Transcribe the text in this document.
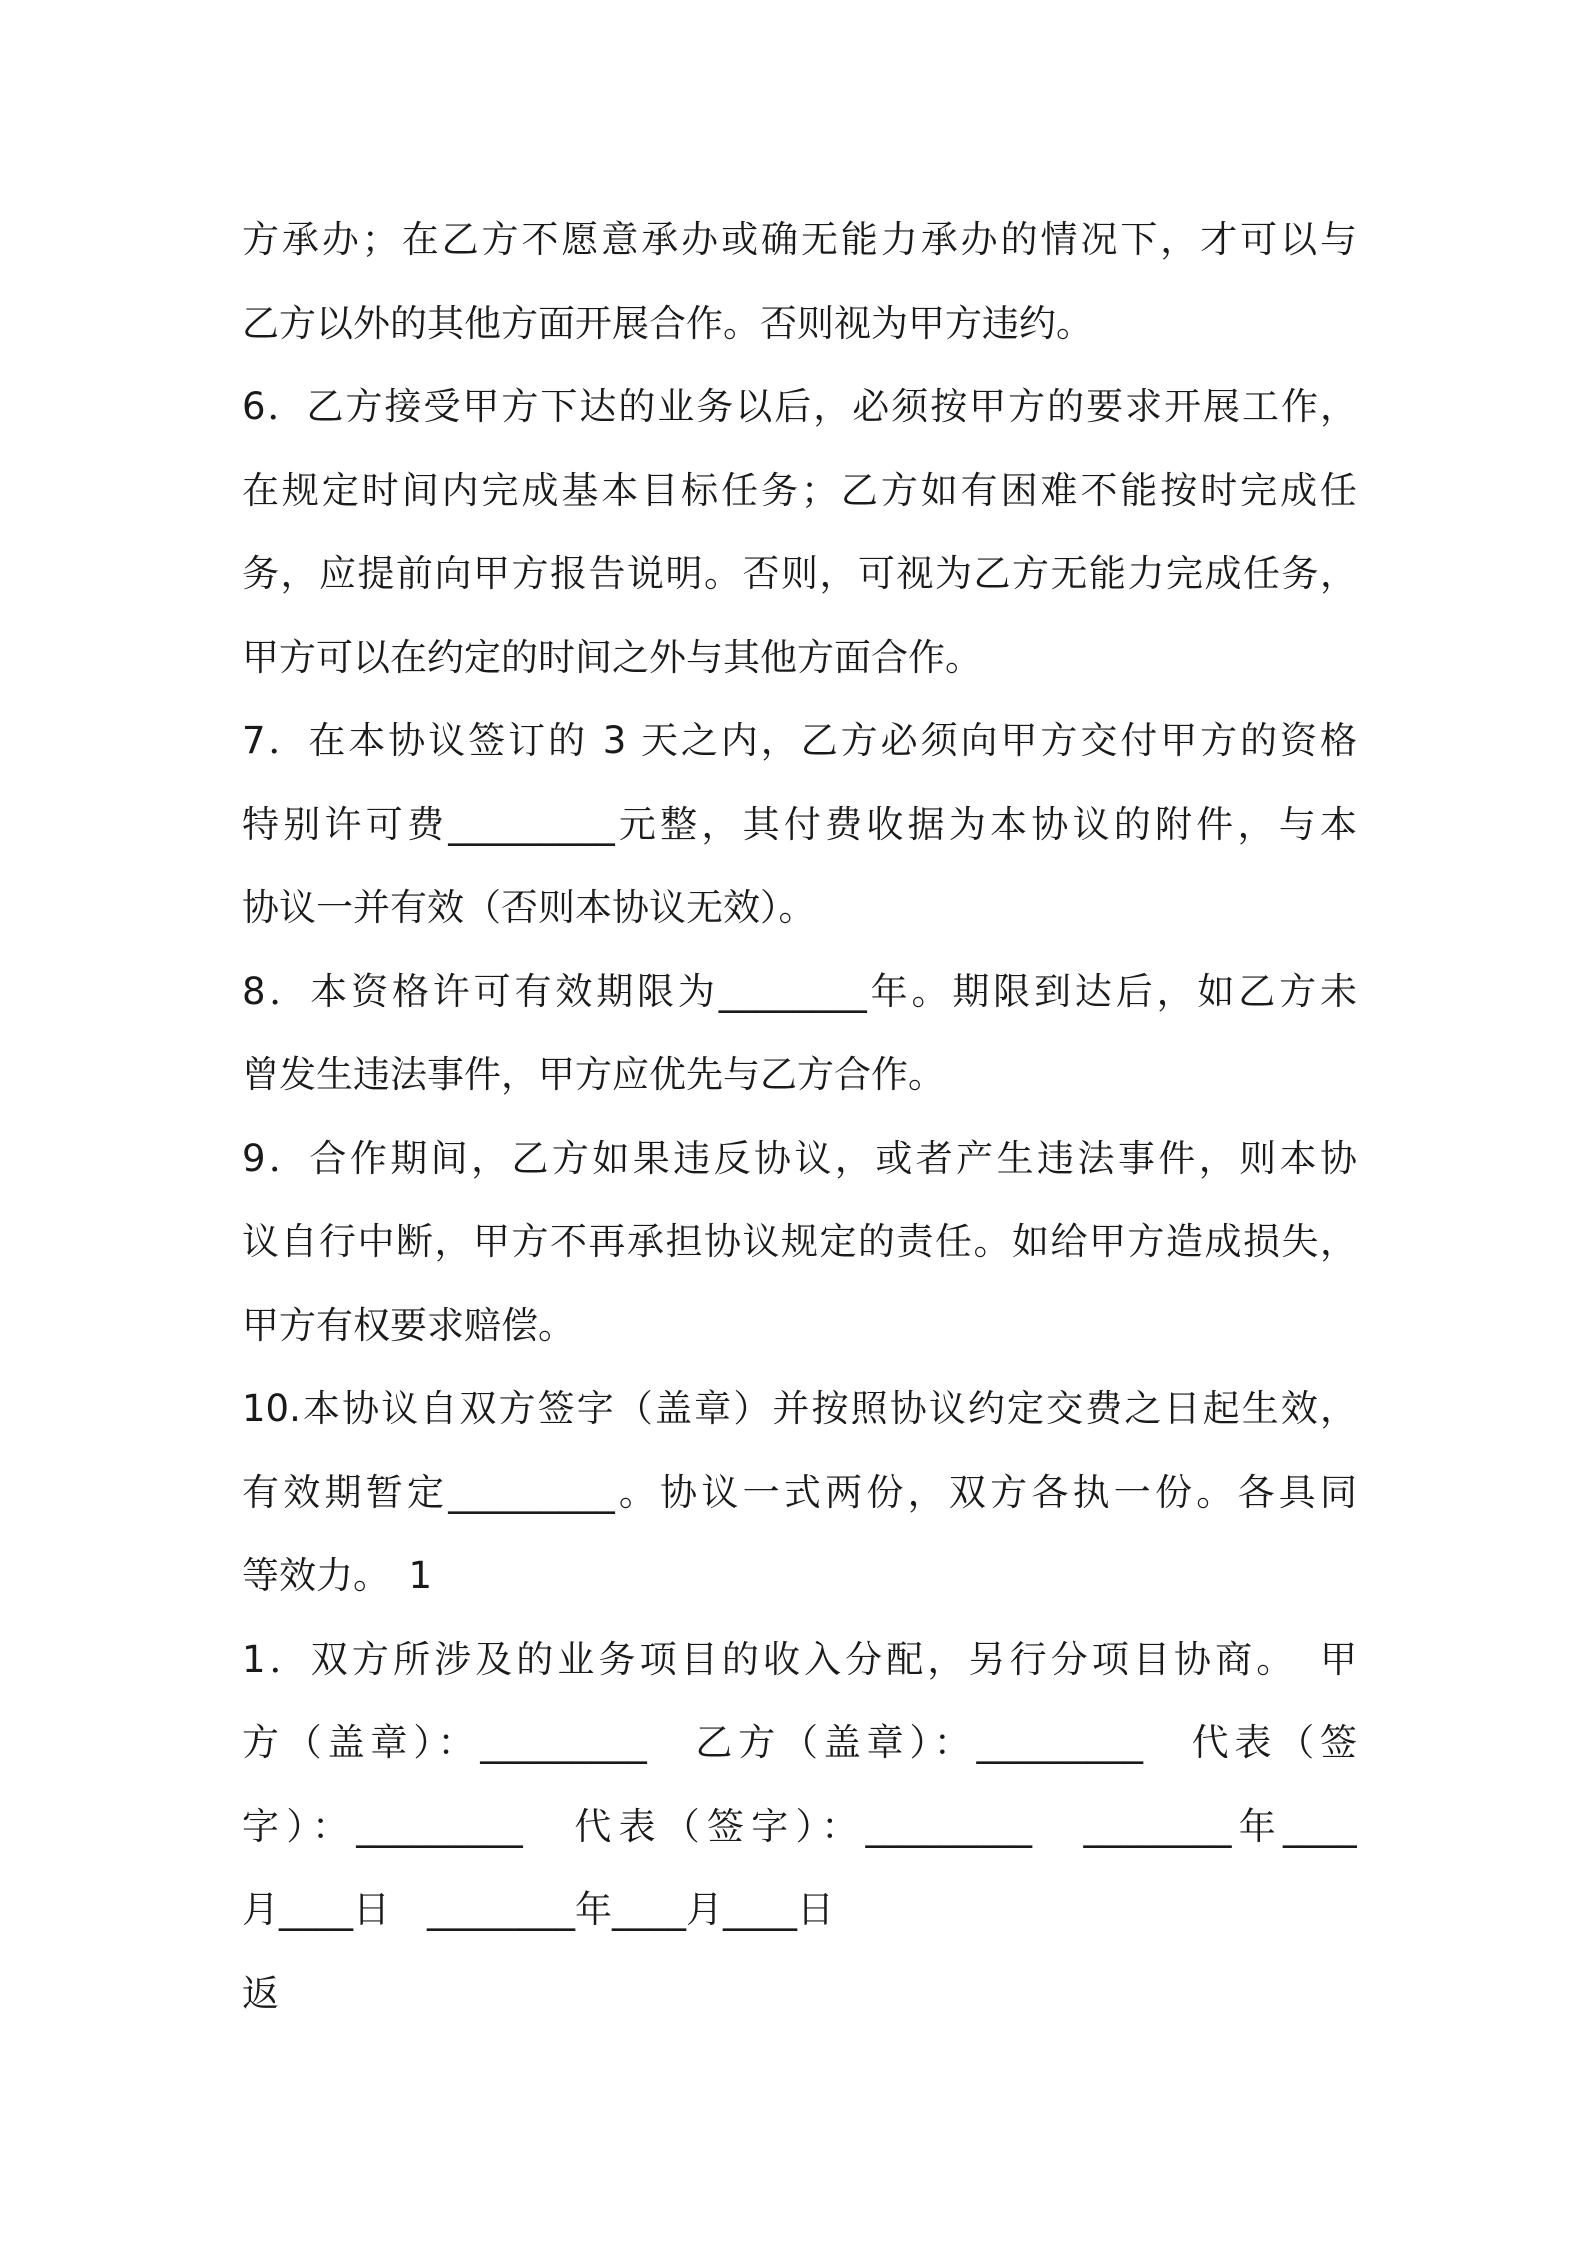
方承办；在乙方不愿意承办或确无能力承办的情况下，才可以与
乙方以外的其他方面开展合作。否则视为甲方违约。
6．乙方接受甲方下达的业务以后，必须按甲方的要求开展工作，
在规定时间内完成基本目标任务；乙方如有困难不能按时完成任
务，应提前向甲方报告说明。否则，可视为乙方无能力完成任务，
甲方可以在约定的时间之外与其他方面合作。
7．在本协议签订的 3 天之内，乙方必须向甲方交付甲方的资格
特别许可费_________元整，其付费收据为本协议的附件，与本
协议一并有效（否则本协议无效）。
8．本资格许可有效期限为________年。期限到达后，如乙方未
曾发生违法事件，甲方应优先与乙方合作。
9．合作期间，乙方如果违反协议，或者产生违法事件，则本协
议自行中断，甲方不再承担协议规定的责任。如给甲方造成损失，
甲方有权要求赔偿。
10.本协议自双方签字（盖章）并按照协议约定交费之日起生效，
有效期暂定_________。协议一式两份，双方各执一份。各具同
等效力。　1
1．双方所涉及的业务项目的收入分配，另行分项目协商。　甲
方（盖章）：_________　乙方（盖章）：_________　代表（签
字）：_________　代表（签字）：_________　________年____
月____日　________年____月____日
返
